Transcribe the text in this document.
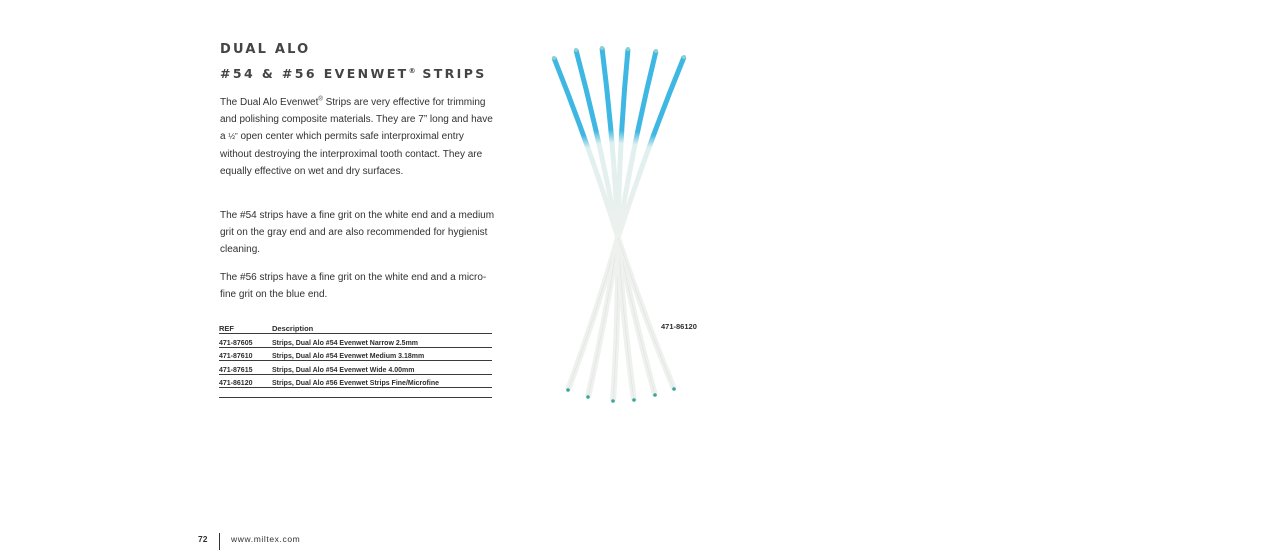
DUAL ALO
#54 & #56 EVENWET® STRIPS

The Dual Alo Evenwet® Strips are very effective for trimming and polishing composite materials. They are 7” long and have a ½” open center which permits safe interproximal entry without destroying the interproximal tooth contact. They are equally effective on wet and dry surfaces.

The #54 strips have a fine grit on the white end and a medium grit on the gray end and are also recommended for hygienist cleaning.

The #56 strips have a fine grit on the white end and a micro-fine grit on the blue end.

REF	Description
471-87605	Strips, Dual Alo #54 Evenwet Narrow 2.5mm
471-87610	Strips, Dual Alo #54 Evenwet Medium 3.18mm
471-87615	Strips, Dual Alo #54 Evenwet Wide 4.00mm
471-86120	Strips, Dual Alo #56 Evenwet Strips Fine/Microfine
471-86120
72	www.miltex.com
